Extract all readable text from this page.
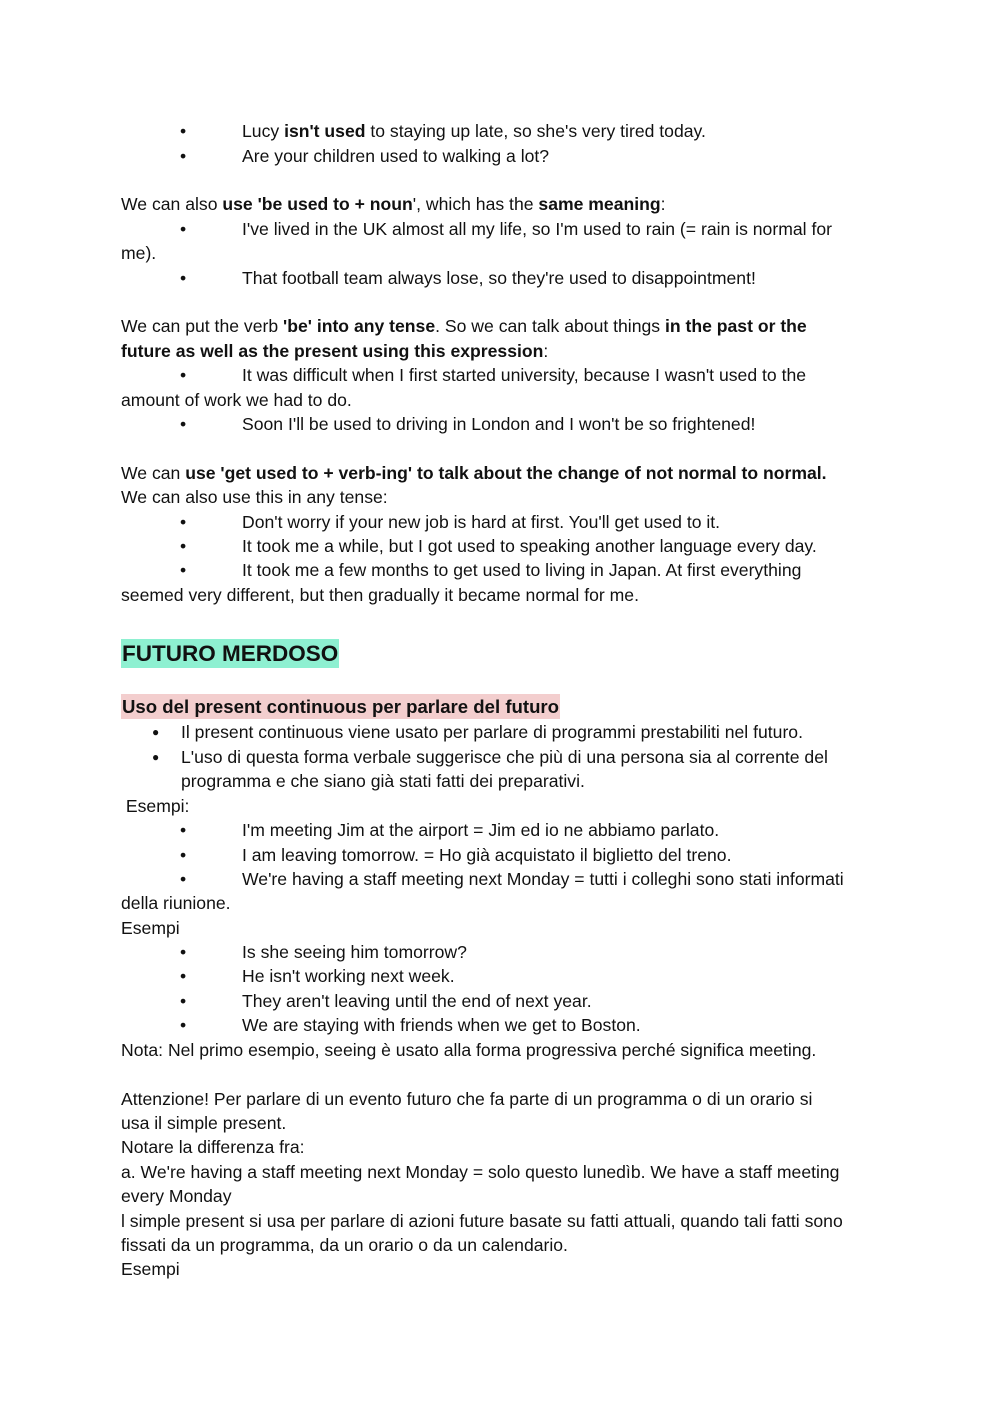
•	Lucy isn't used to staying up late, so she's very tired today.
•	Are your children used to walking a lot?
We can also use 'be used to + noun', which has the same meaning:
•	I've lived in the UK almost all my life, so I'm used to rain (= rain is normal for
me).
•	That football team always lose, so they're used to disappointment!
We can put the verb 'be' into any tense. So we can talk about things in the past or the
future as well as the present using this expression:
•	It was difficult when I first started university, because I wasn't used to the
amount of work we had to do.
•	Soon I'll be used to driving in London and I won't be so frightened!
We can use 'get used to + verb-ing' to talk about the change of not normal to normal.
We can also use this in any tense:
•	Don't worry if your new job is hard at first. You'll get used to it.
•	It took me a while, but I got used to speaking another language every day.
•	It took me a few months to get used to living in Japan. At first everything
seemed very different, but then gradually it became normal for me.
FUTURO MERDOSO
Uso del present continuous per parlare del futuro
● Il present continuous viene usato per parlare di programmi prestabiliti nel futuro.
● L'uso di questa forma verbale suggerisce che più di una persona sia al corrente del
programma e che siano già stati fatti dei preparativi.
Esempi:
•	I'm meeting Jim at the airport = Jim ed io ne abbiamo parlato.
•	I am leaving tomorrow. = Ho già acquistato il biglietto del treno.
•	We're having a staff meeting next Monday = tutti i colleghi sono stati informati
della riunione.
Esempi
•	Is she seeing him tomorrow?
•	He isn't working next week.
•	They aren't leaving until the end of next year.
•	We are staying with friends when we get to Boston.
Nota: Nel primo esempio, seeing è usato alla forma progressiva perché significa meeting.
Attenzione! Per parlare di un evento futuro che fa parte di un programma o di un orario si
usa il simple present.
Notare la differenza fra:
a. We're having a staff meeting next Monday = solo questo lunedìb. We have a staff meeting
every Monday
l simple present si usa per parlare di azioni future basate su fatti attuali, quando tali fatti sono
fissati da un programma, da un orario o da un calendario.
Esempi
